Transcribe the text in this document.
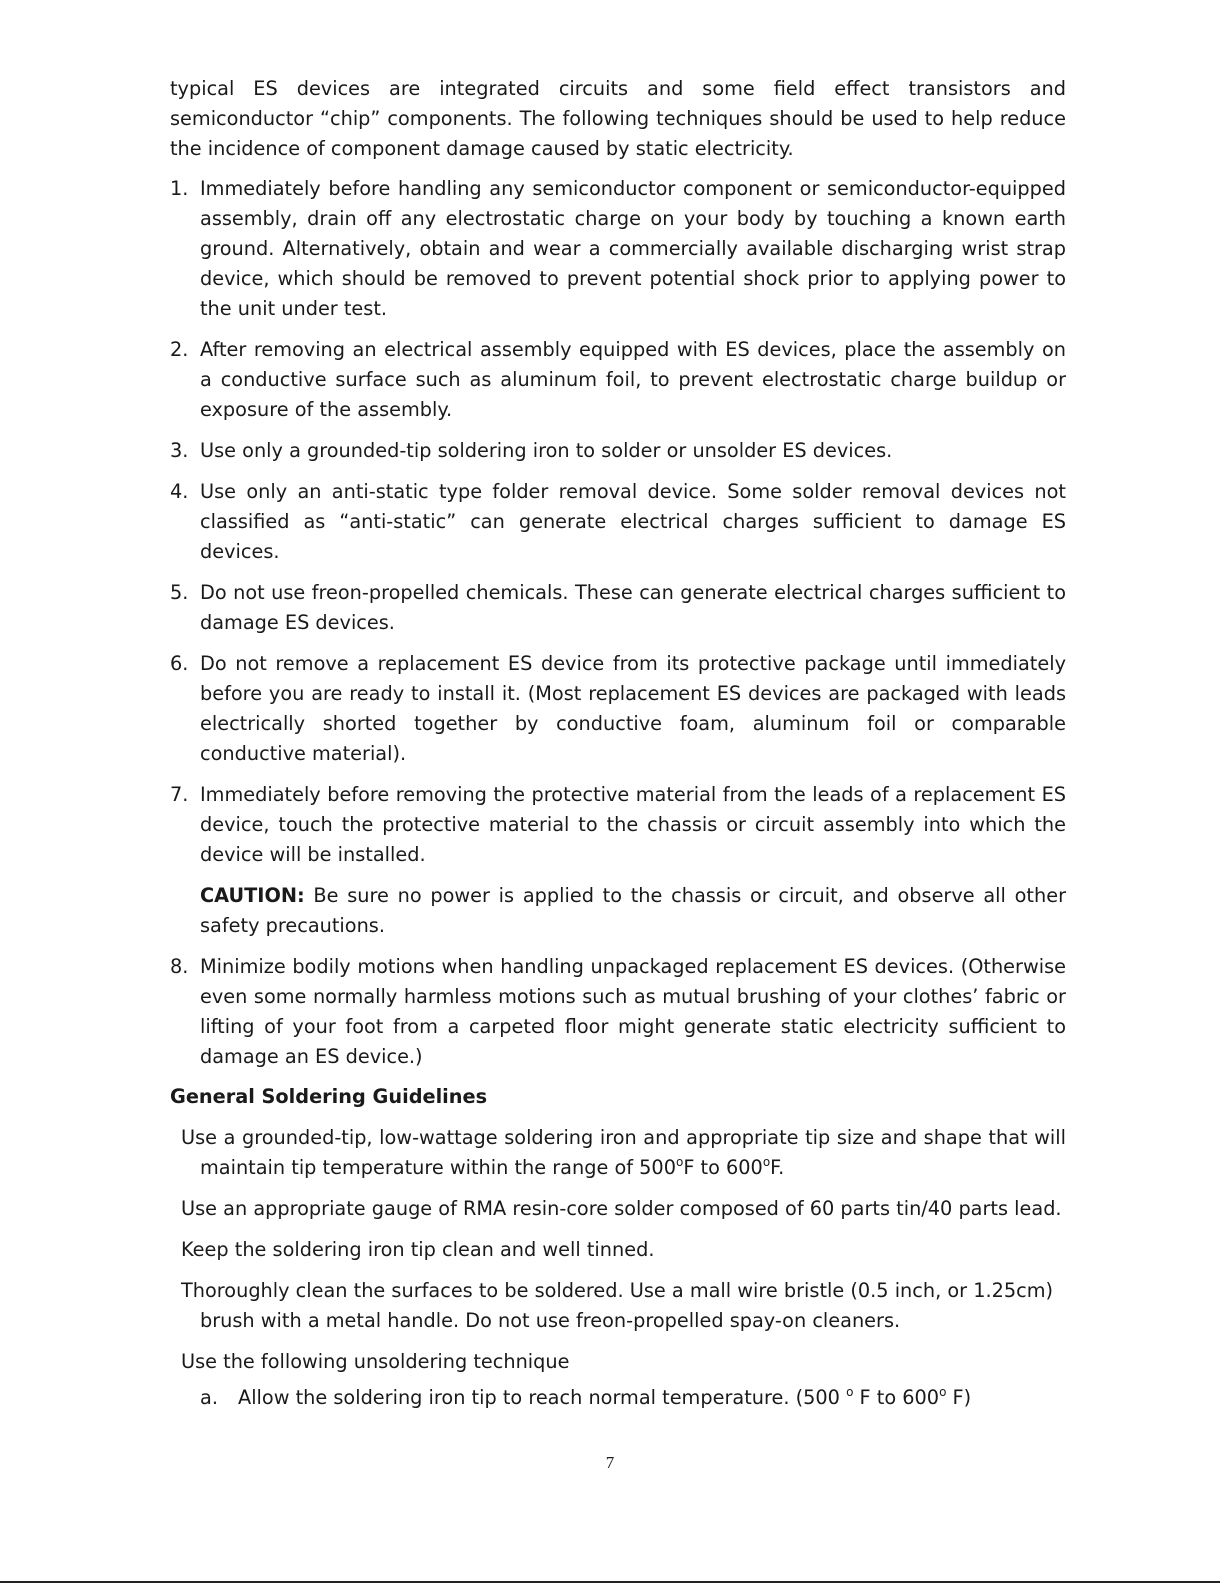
typical ES devices are integrated circuits and some field effect transistors and semiconductor “chip” components. The following techniques should be used to help reduce the incidence of component damage caused by static electricity.

1. Immediately before handling any semiconductor component or semiconductor-equipped assembly, drain off any electrostatic charge on your body by touching a known earth ground. Alternatively, obtain and wear a commercially available discharging wrist strap device, which should be removed to prevent potential shock prior to applying power to the unit under test.

2. After removing an electrical assembly equipped with ES devices, place the assembly on a conductive surface such as aluminum foil, to prevent electrostatic charge buildup or exposure of the assembly.

3. Use only a grounded-tip soldering iron to solder or unsolder ES devices.

4. Use only an anti-static type folder removal device. Some solder removal devices not classified as “anti-static” can generate electrical charges sufficient to damage ES devices.

5. Do not use freon-propelled chemicals. These can generate electrical charges sufficient to damage ES devices.

6. Do not remove a replacement ES device from its protective package until immediately before you are ready to install it. (Most replacement ES devices are packaged with leads electrically shorted together by conductive foam, aluminum foil or comparable conductive material).

7. Immediately before removing the protective material from the leads of a replacement ES device, touch the protective material to the chassis or circuit assembly into which the device will be installed.

CAUTION: Be sure no power is applied to the chassis or circuit, and observe all other safety precautions.

8. Minimize bodily motions when handling unpackaged replacement ES devices. (Otherwise even some normally harmless motions such as mutual brushing of your clothes’ fabric or lifting of your foot from a carpeted floor might generate static electricity sufficient to damage an ES device.)

General Soldering Guidelines

Use a grounded-tip, low-wattage soldering iron and appropriate tip size and shape that will maintain tip temperature within the range of 500$^o$F to 600$^o$F.

Use an appropriate gauge of RMA resin-core solder composed of 60 parts tin/40 parts lead.

Keep the soldering iron tip clean and well tinned.

Thoroughly clean the surfaces to be soldered. Use a mall wire bristle (0.5 inch, or 1.25cm) brush with a metal handle. Do not use freon-propelled spay-on cleaners.

Use the following unsoldering technique

a.	Allow the soldering iron tip to reach normal temperature. (500 $^o$ F to 600$^o$ F)

7
